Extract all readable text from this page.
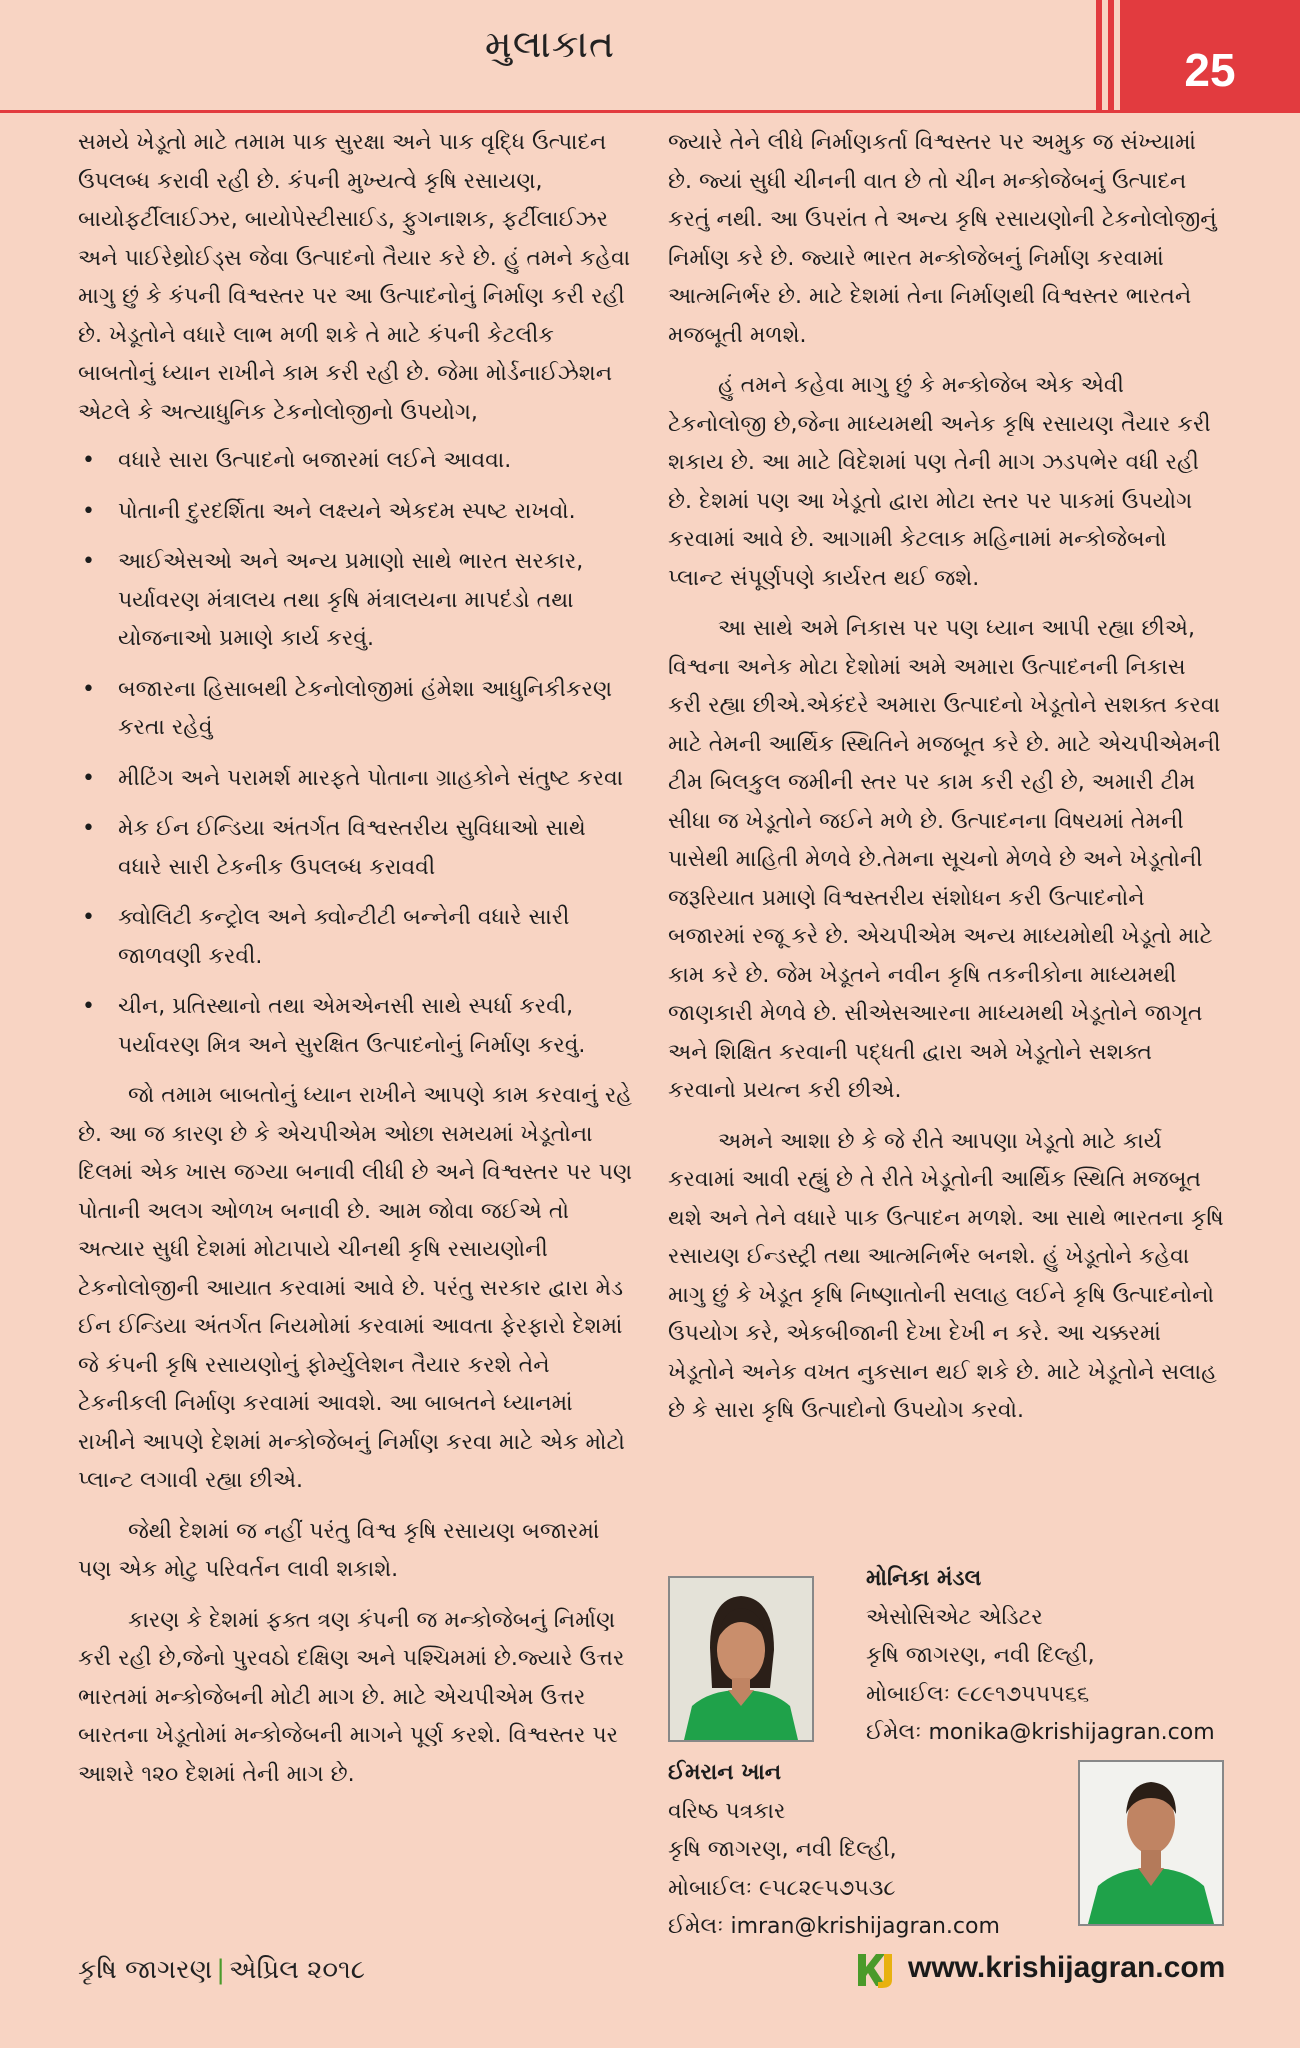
મુલાકાત	25

સમયે ખેડૂતો માટે તમામ પાક સુરક્ષા અને પાક વૃદ્ધિ ઉત્પાદન ઉપલબ્ધ કરાવી રહી છે. કંપની મુખ્યત્વે કૃષિ રસાયણ, બાયોફર્ટીલાઈઝર, બાયોપેસ્ટીસાઈડ, ફુગનાશક, ફર્ટીલાઈઝર અને પાઈરેથ્રોઈડ્સ જેવા ઉત્પાદનો તૈયાર કરે છે. હું તમને કહેવા માગુ છું કે કંપની વિશ્વસ્તર પર આ ઉત્પાદનોનું નિર્માણ કરી રહી છે. ખેડૂતોને વધારે લાભ મળી શકે તે માટે કંપની કેટલીક બાબતોનું ધ્યાન રાખીને કામ કરી રહી છે. જેમા મોર્ડનાઈઝેશન એટલે કે અત્યાધુનિક ટેકનોલોજીનો ઉપયોગ,

• વધારે સારા ઉત્પાદનો બજારમાં લઈને આવવા.
• પોતાની દુરદર્શિતા અને લક્ષ્યને એકદમ સ્પષ્ટ રાખવો.
• આઈએસઓ અને અન્ય પ્રમાણો સાથે ભારત સરકાર, પર્યાવરણ મંત્રાલય તથા કૃષિ મંત્રાલયના માપદંડો તથા યોજનાઓ પ્રમાણે કાર્ય કરવું.
• બજારના હિસાબથી ટેકનોલોજીમાં હંમેશા આધુનિકીકરણ કરતા રહેવું
• મીટિંગ અને પરામર્શ મારફતે પોતાના ગ્રાહકોને સંતુષ્ટ કરવા
• મેક ઈન ઈન્ડિયા અંતર્ગત વિશ્વસ્તરીય સુવિધાઓ સાથે વધારે સારી ટેકનીક ઉપલબ્ધ કરાવવી
• ક્વોલિટી કન્ટ્રોલ અને ક્વોન્ટીટી બન્નેની વધારે સારી જાળવણી કરવી.
• ચીન, પ્રતિસ્થાનો તથા એમએનસી સાથે સ્પર્ધા કરવી, પર્યાવરણ મિત્ર અને સુરક્ષિત ઉત્પાદનોનું નિર્માણ કરવું.

જો તમામ બાબતોનું ધ્યાન રાખીને આપણે કામ કરવાનું રહે છે. આ જ કારણ છે કે એચપીએમ ઓછા સમયમાં ખેડૂતોના દિલમાં એક ખાસ જગ્યા બનાવી લીધી છે અને વિશ્વસ્તર પર પણ પોતાની અલગ ઓળખ બનાવી છે. આમ જોવા જઈએ તો અત્યાર સુધી દેશમાં મોટાપાયે ચીનથી કૃષિ રસાયણોની ટેકનોલોજીની આયાત કરવામાં આવે છે. પરંતુ સરકાર દ્વારા મેડ ઈન ઈન્ડિયા અંતર્ગત નિયમોમાં કરવામાં આવતા ફેરફારો દેશમાં જે કંપની કૃષિ રસાયણોનું ફોર્મ્યુલેશન તૈયાર કરશે તેને ટેકનીકલી નિર્માણ કરવામાં આવશે. આ બાબતને ધ્યાનમાં રાખીને આપણે દેશમાં મન્કોજેબનું નિર્માણ કરવા માટે એક મોટો પ્લાન્ટ લગાવી રહ્યા છીએ.

જેથી દેશમાં જ નહીં પરંતુ વિશ્વ કૃષિ રસાયણ બજારમાં પણ એક મોટુ પરિવર્તન લાવી શકાશે.

કારણ કે દેશમાં ફક્ત ત્રણ કંપની જ મન્કોજેબનું નિર્માણ કરી રહી છે,જેનો પુરવઠો દક્ષિણ અને પશ્ચિમમાં છે.જ્યારે ઉત્તર ભારતમાં મન્કોજેબની મોટી માગ છે. માટે એચપીએમ ઉત્તર બારતના ખેડૂતોમાં મન્કોજેબની માગને પૂર્ણ કરશે. વિશ્વસ્તર પર આશરે ૧૨૦ દેશમાં તેની માગ છે.

જ્યારે તેને લીધે નિર્માણકર્તા વિશ્વસ્તર પર અમુક જ સંખ્યામાં છે. જ્યાં સુધી ચીનની વાત છે તો ચીન મન્કોજેબનું ઉત્પાદન કરતું નથી. આ ઉપરાંત તે અન્ય કૃષિ રસાયણોની ટેકનોલોજીનું નિર્માણ કરે છે. જ્યારે ભારત મન્કોજેબનું નિર્માણ કરવામાં આત્મનિર્ભર છે. માટે દેશમાં તેના નિર્માણથી વિશ્વસ્તર ભારતને મજબૂતી મળશે.

હું તમને કહેવા માગુ છું કે મન્કોજેબ એક એવી ટેકનોલોજી છે,જેના માધ્યમથી અનેક કૃષિ રસાયણ તૈયાર કરી શકાય છે. આ માટે વિદેશમાં પણ તેની માગ ઝડપભેર વધી રહી છે. દેશમાં પણ આ ખેડૂતો દ્વારા મોટા સ્તર પર પાકમાં ઉપયોગ કરવામાં આવે છે. આગામી કેટલાક મહિનામાં મન્કોજેબનો પ્લાન્ટ સંપૂર્ણપણે કાર્યરત થઈ જશે.

આ સાથે અમે નિકાસ પર પણ ધ્યાન આપી રહ્યા છીએ, વિશ્વના અનેક મોટા દેશોમાં અમે અમારા ઉત્પાદનની નિકાસ કરી રહ્યા છીએ.એકંદરે અમારા ઉત્પાદનો ખેડૂતોને સશક્ત કરવા માટે તેમની આર્થિક સ્થિતિને મજબૂત કરે છે. માટે એચપીએમની ટીમ બિલકુલ જમીની સ્તર પર કામ કરી રહી છે, અમારી ટીમ સીધા જ ખેડૂતોને જઈને મળે છે. ઉત્પાદનના વિષયમાં તેમની પાસેથી માહિતી મેળવે છે.તેમના સૂચનો મેળવે છે અને ખેડૂતોની જરૂરિયાત પ્રમાણે વિશ્વસ્તરીય સંશોધન કરી ઉત્પાદનોને બજારમાં રજૂ કરે છે. એચપીએમ અન્ય માધ્યમોથી ખેડૂતો માટે કામ કરે છે. જેમ ખેડૂતને નવીન કૃષિ તકનીકોના માધ્યમથી જાણકારી મેળવે છે. સીએસઆરના માધ્યમથી ખેડૂતોને જાગૃત અને શિક્ષિત કરવાની પદ્ધતી દ્વારા અમે ખેડૂતોને સશક્ત કરવાનો પ્રયત્ન કરી છીએ.

અમને આશા છે કે જે રીતે આપણા ખેડૂતો માટે કાર્ય કરવામાં આવી રહ્યું છે તે રીતે ખેડૂતોની આર્થિક સ્થિતિ મજબૂત થશે અને તેને વધારે પાક ઉત્પાદન મળશે. આ સાથે ભારતના કૃષિ રસાયણ ઈન્ડસ્ટ્રી તથા આત્મનિર્ભર બનશે. હું ખેડૂતોને કહેવા માગુ છું કે ખેડૂત કૃષિ નિષ્ણાતોની સલાહ લઈને કૃષિ ઉત્પાદનોનો ઉપયોગ કરે, એકબીજાની દેખા દેખી ન કરે. આ ચક્કરમાં ખેડૂતોને અનેક વખત નુકસાન થઈ શકે છે. માટે ખેડૂતોને સલાહ છે કે સારા કૃષિ ઉત્પાદોનો ઉપયોગ કરવો.

મોનિકા મંડલ
એસોસિએટ એડિટર
કૃષિ જાગરણ, નવી દિલ્હી,
મોબાઈલઃ ૯૮૯૧૭૫૫૫૬૬
ઈમેલઃ monika@krishijagran.com
ઈમરાન ખાન
વરિષ્ઠ પત્રકાર
કૃષિ જાગરણ, નવી દિલ્હી,
મોબાઈલઃ ૯૫૮૨૯૫૭૫૩૮
ઈમેલઃ imran@krishijagran.com
કૃષિ જાગરણ | એપ્રિલ ૨૦૧૮
KJ
www.krishijagran.com
